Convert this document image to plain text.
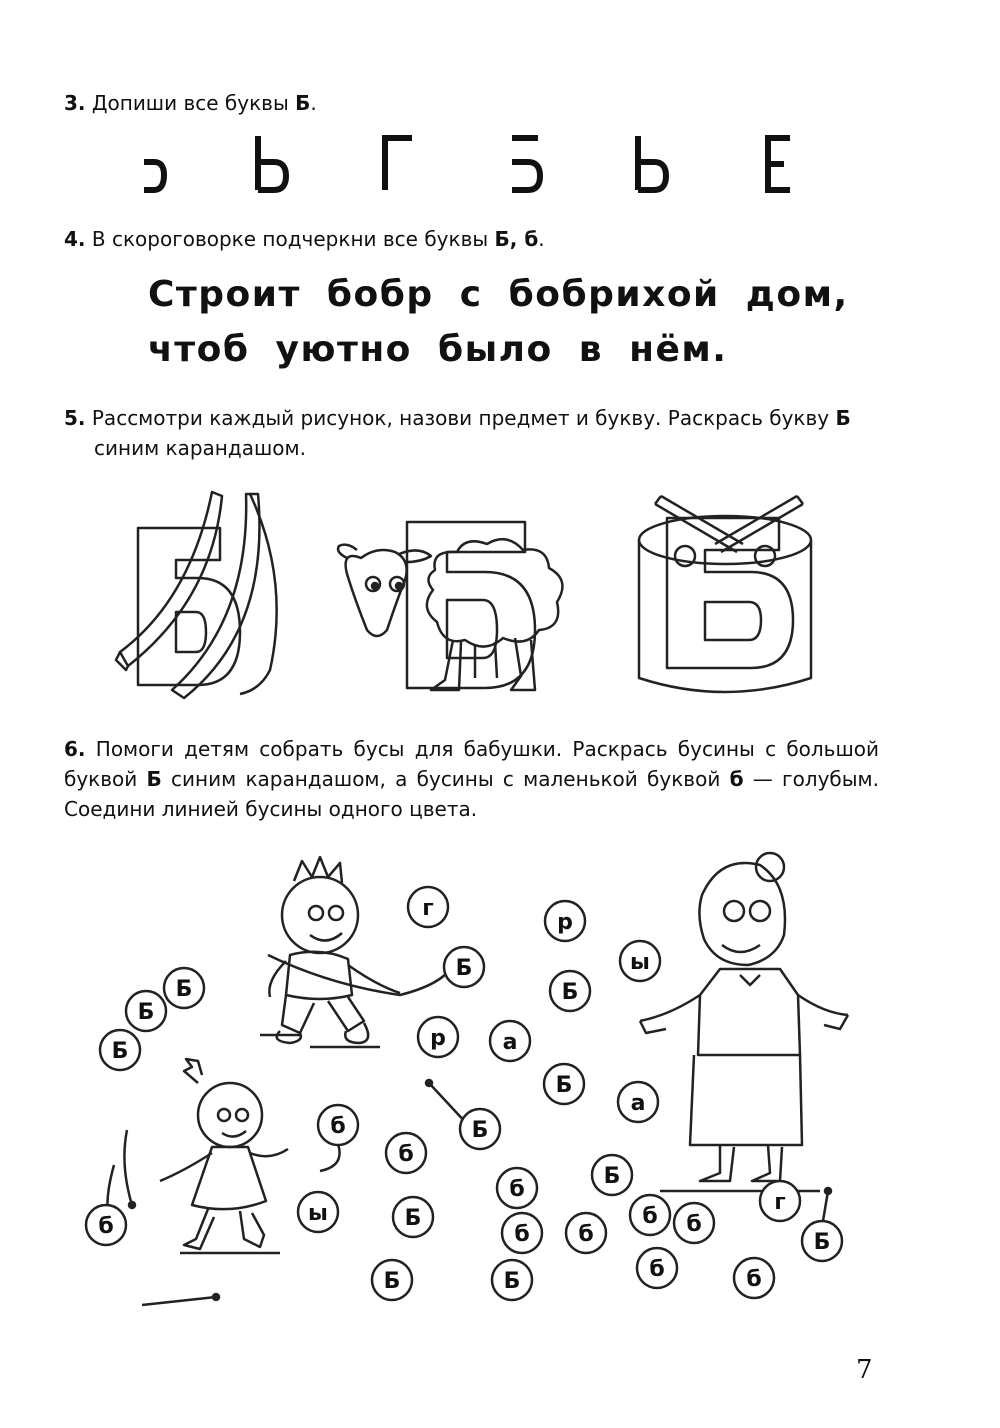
3. Допиши все буквы Б.
4. В скороговорке подчеркни все буквы Б, б.
Строит бобр с бобрихой дом,
чтоб уютно было в нём.
5. Рассмотри каждый рисунок, назови предмет и букву. Раскрась букву Б
синим карандашом.
6. Помоги детям собрать бусы для бабушки. Раскрась бусины с большой буквой Б синим карандашом, а бусины с маленькой буквой б — голубым. Соедини линией бусины одного цвета.
г
р
ы
Б
Б
Б
Б
Б
р	а
Б
а
Б
б
б
б
Б
ы	Б	б
г
б	б б	б
Б
Б	Б	б	б
7
